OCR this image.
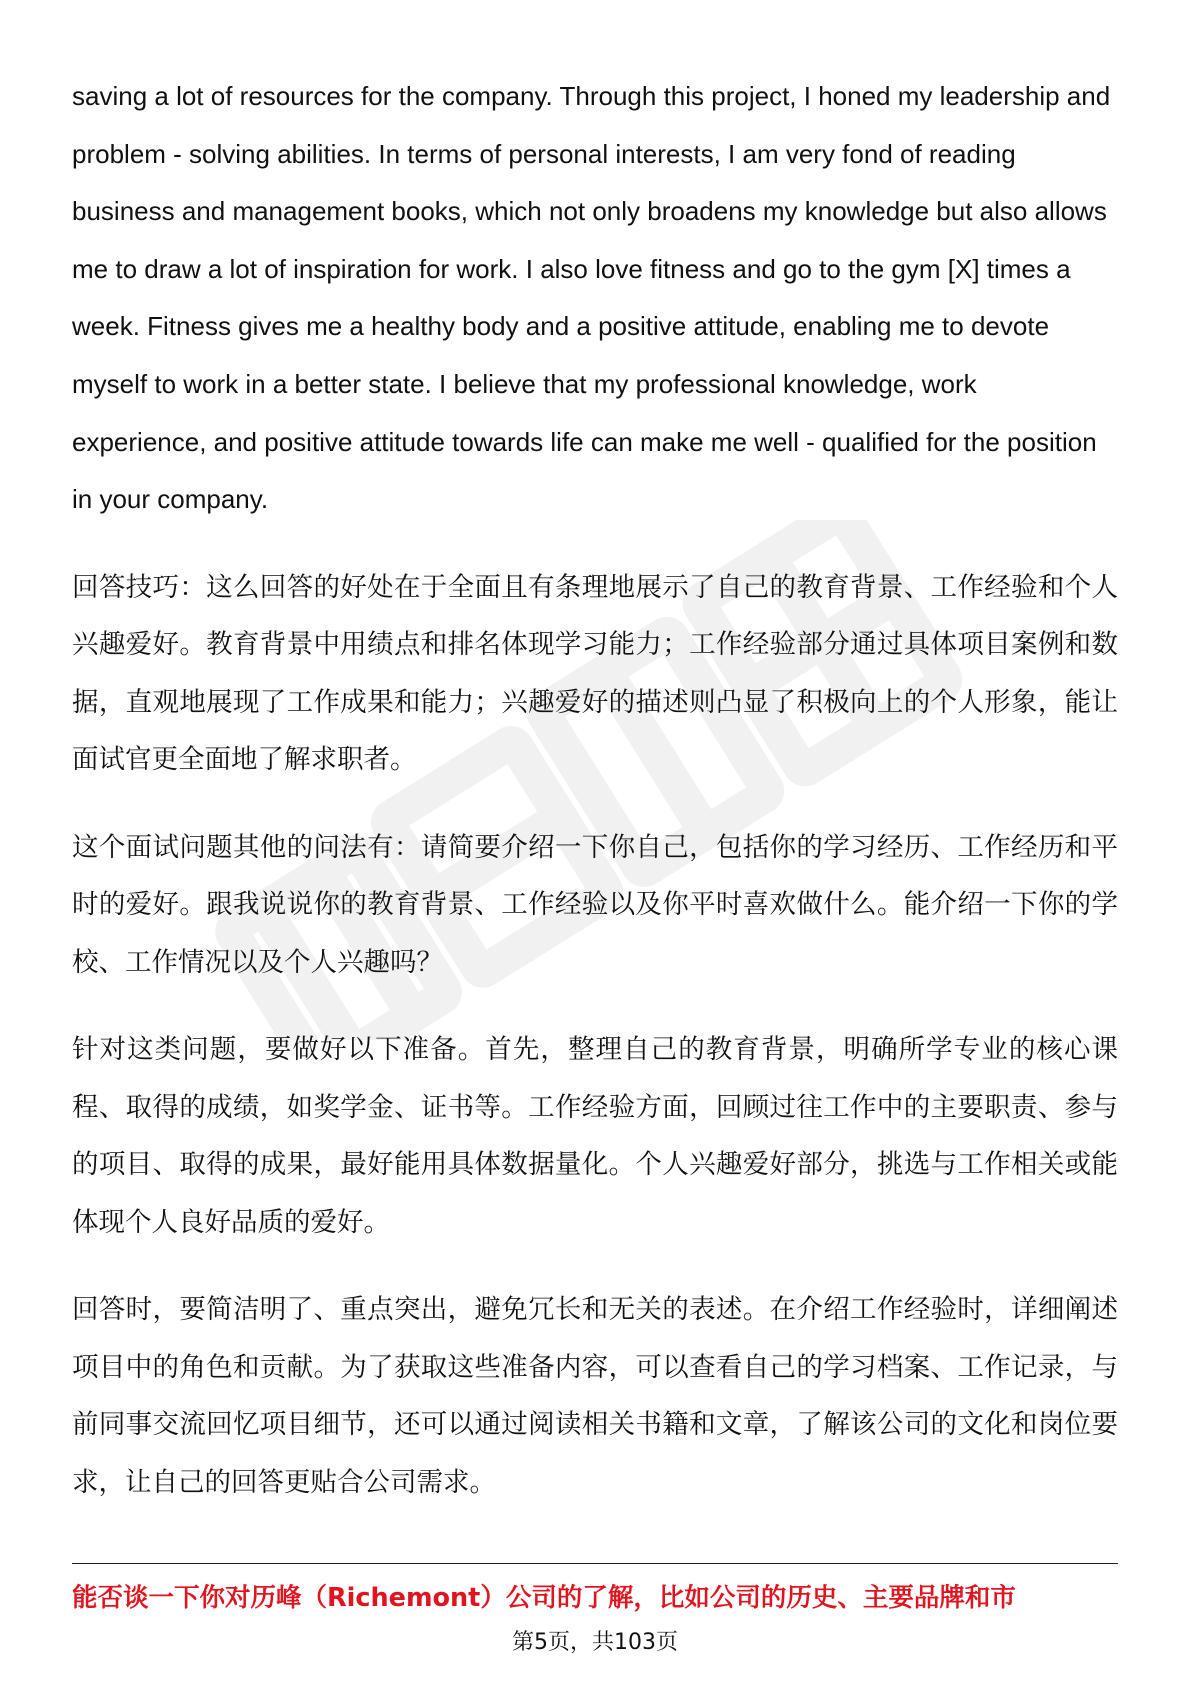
saving a lot of resources for the company. Through this project, I honed my leadership and problem - solving abilities. In terms of personal interests, I am very fond of reading business and management books, which not only broadens my knowledge but also allows me to draw a lot of inspiration for work. I also love fitness and go to the gym [X] times a week. Fitness gives me a healthy body and a positive attitude, enabling me to devote myself to work in a better state. I believe that my professional knowledge, work experience, and positive attitude towards life can make me well - qualified for the position in your company.

回答技巧：这么回答的好处在于全面且有条理地展示了自己的教育背景、工作经验和个人兴趣爱好。教育背景中用绩点和排名体现学习能力；工作经验部分通过具体项目案例和数据，直观地展现了工作成果和能力；兴趣爱好的描述则凸显了积极向上的个人形象，能让面试官更全面地了解求职者。

这个面试问题其他的问法有：请简要介绍一下你自己，包括你的学习经历、工作经历和平时的爱好。跟我说说你的教育背景、工作经验以及你平时喜欢做什么。能介绍一下你的学校、工作情况以及个人兴趣吗？

针对这类问题，要做好以下准备。首先，整理自己的教育背景，明确所学专业的核心课程、取得的成绩，如奖学金、证书等。工作经验方面，回顾过往工作中的主要职责、参与的项目、取得的成果，最好能用具体数据量化。个人兴趣爱好部分，挑选与工作相关或能体现个人良好品质的爱好。

回答时，要简洁明了、重点突出，避免冗长和无关的表述。在介绍工作经验时，详细阐述项目中的角色和贡献。为了获取这些准备内容，可以查看自己的学习档案、工作记录，与前同事交流回忆项目细节，还可以通过阅读相关书籍和文章，了解该公司的文化和岗位要求，让自己的回答更贴合公司需求。

能否谈一下你对历峰（Richemont）公司的了解，比如公司的历史、主要品牌和市

第5页，共103页
